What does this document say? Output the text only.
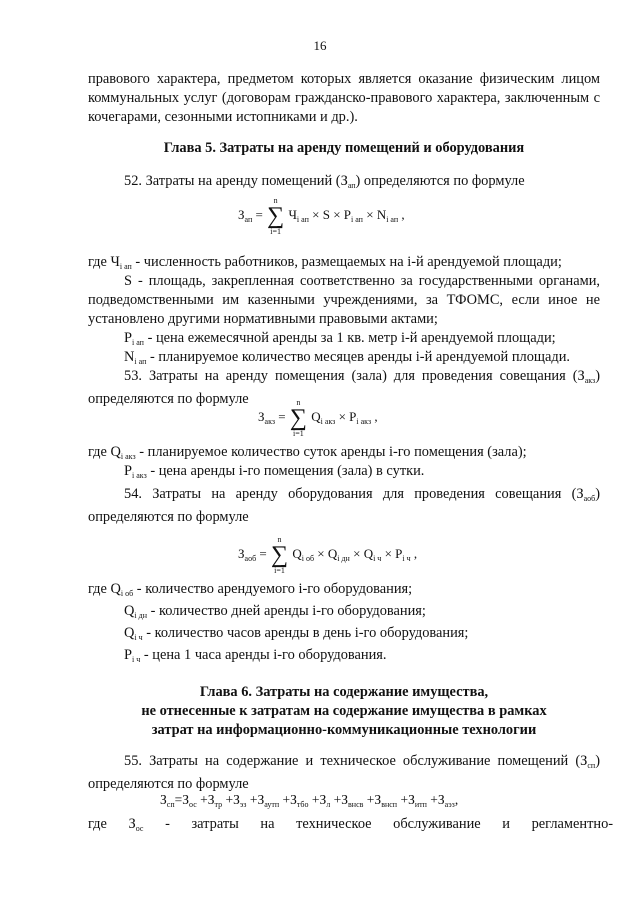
16
правового характера, предметом которых является оказание физическим лицом коммунальных услуг (договорам гражданско-правового характера, заключенным с кочегарами, сезонными истопниками и др.).
Глава 5. Затраты на аренду помещений и оборудования
52. Затраты на аренду помещений $(З_{ап})$ определяются по формуле
$З_{ап}$ =
n
∑
i=1
$Ч_{i ап} \times S \times P_{i ап} \times N_{i ап}$ ,
где $Ч_{i ап}$ - численность работников, размещаемых на i-й арендуемой площади;
S - площадь, закрепленная соответственно за государственными органами, подведомственными им казенными учреждениями, за ТФОМС, если иное не установлено другими нормативными правовыми актами;
$P_{i ап}$ - цена ежемесячной аренды за 1 кв. метр i-й арендуемой площади;
$N_{i ап}$ - планируемое количество месяцев аренды i-й арендуемой площади.
53. Затраты на аренду помещения (зала) для проведения совещания $(З_{акз})$ определяются по формуле
$З_{акз}$ =
n
∑
i=1
$Q_{i акз} \times P_{i акз}$ ,
где $Q_{i акз}$ - планируемое количество суток аренды i-го помещения (зала);
$P_{i акз}$ - цена аренды i-го помещения (зала) в сутки.
54. Затраты на аренду оборудования для проведения совещания $(З_{аоб})$ определяются по формуле
$З_{аоб}$ =
n
∑
i=1
$Q_{i об} \times Q_{i дн} \times Q_{i ч} \times P_{i ч}$ ,
где $Q_{i об}$ - количество арендуемого i-го оборудования;
$Q_{i дн}$ - количество дней аренды i-го оборудования;
$Q_{i ч}$ - количество часов аренды в день i-го оборудования;
$P_{i ч}$ - цена 1 часа аренды i-го оборудования.
Глава 6. Затраты на содержание имущества,
не отнесенные к затратам на содержание имущества в рамках
затрат на информационно-коммуникационные технологии
55. Затраты на содержание и техническое обслуживание помещений $(З_{сп})$ определяются по формуле
$З_{сп}=З_{ос} +З_{тр} +З_{эз} +З_{аутп} +З_{тбо} +З_л +З_{внсв} +З_{внсп} +З_{итп} +З_{аэз}$,
где $З_{ос}$ - затраты на техническое обслуживание и регламентно-
